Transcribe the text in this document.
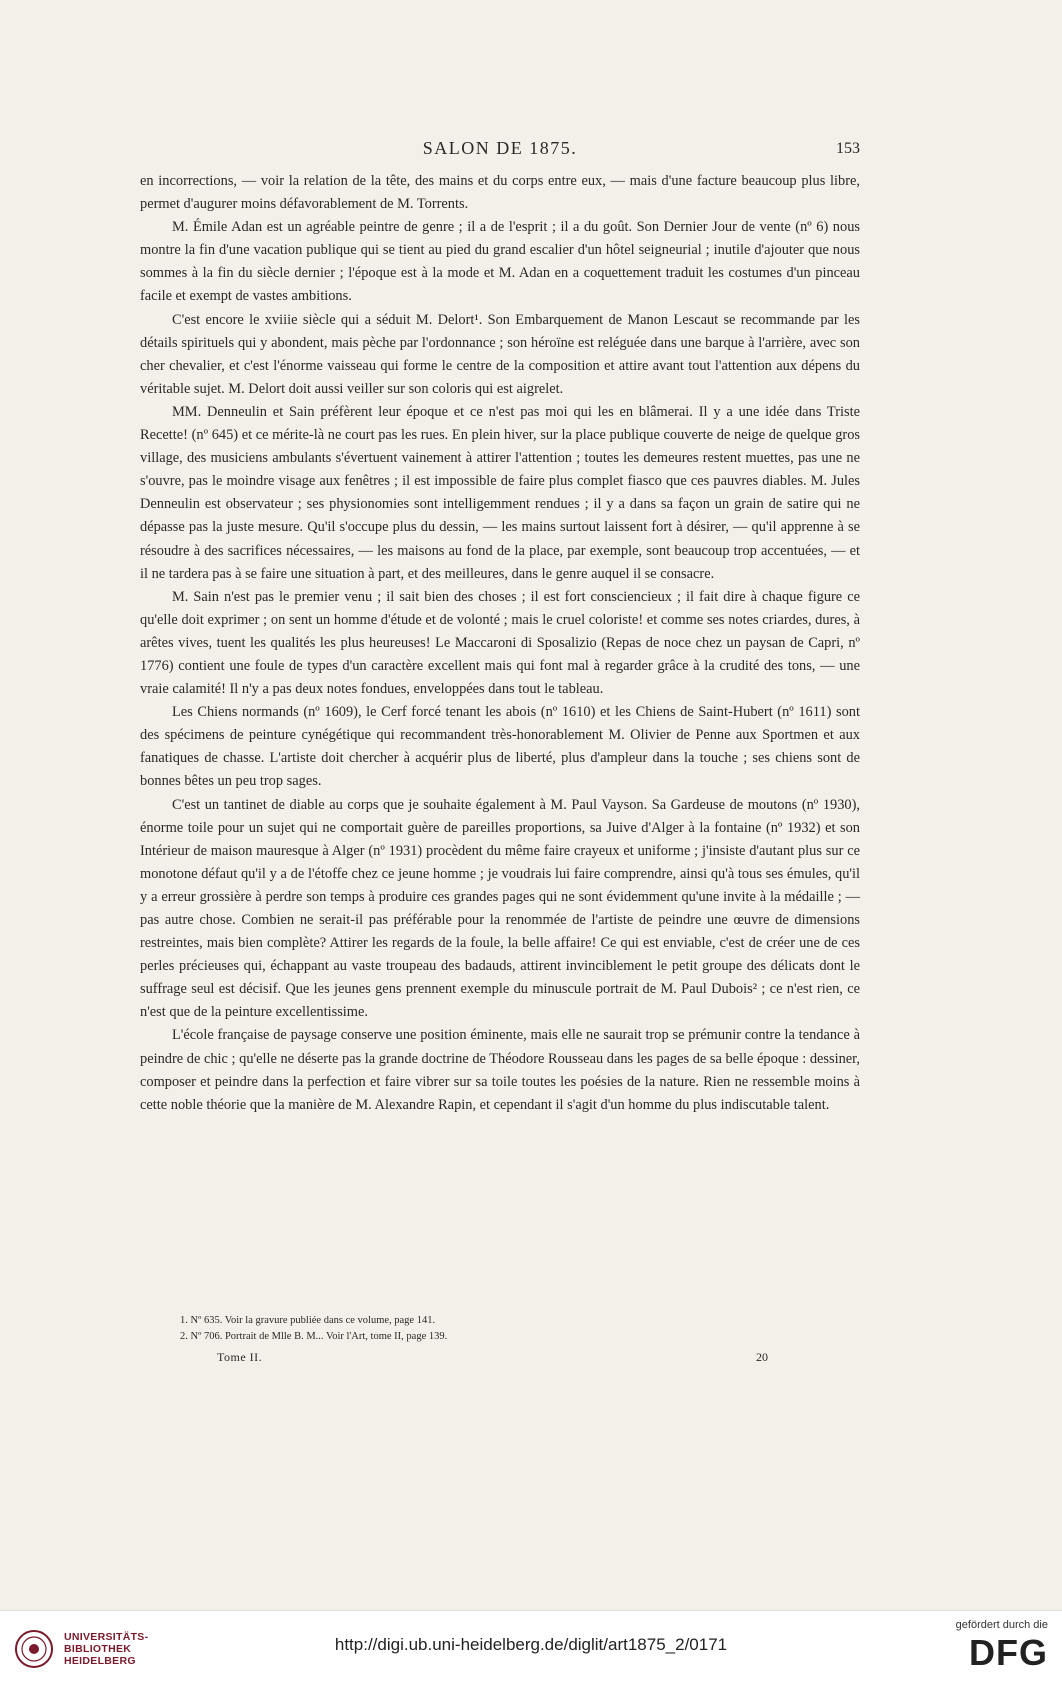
SALON DE 1875.	153

en incorrections, — voir la relation de la tête, des mains et du corps entre eux, — mais d'une facture beaucoup plus libre, permet d'augurer moins défavorablement de M. Torrents.

M. Émile Adan est un agréable peintre de genre ; il a de l'esprit ; il a du goût. Son Dernier Jour de vente (nº 6) nous montre la fin d'une vacation publique qui se tient au pied du grand escalier d'un hôtel seigneurial ; inutile d'ajouter que nous sommes à la fin du siècle dernier ; l'époque est à la mode et M. Adan en a coquettement traduit les costumes d'un pinceau facile et exempt de vastes ambitions.

C'est encore le xviiie siècle qui a séduit M. Delort¹. Son Embarquement de Manon Lescaut se recommande par les détails spirituels qui y abondent, mais pèche par l'ordonnance ; son héroïne est reléguée dans une barque à l'arrière, avec son cher chevalier, et c'est l'énorme vaisseau qui forme le centre de la composition et attire avant tout l'attention aux dépens du véritable sujet. M. Delort doit aussi veiller sur son coloris qui est aigrelet.

MM. Denneulin et Sain préfèrent leur époque et ce n'est pas moi qui les en blâmerai. Il y a une idée dans Triste Recette! (nº 645) et ce mérite-là ne court pas les rues. En plein hiver, sur la place publique couverte de neige de quelque gros village, des musiciens ambulants s'évertuent vainement à attirer l'attention ; toutes les demeures restent muettes, pas une ne s'ouvre, pas le moindre visage aux fenêtres ; il est impossible de faire plus complet fiasco que ces pauvres diables. M. Jules Denneulin est observateur ; ses physionomies sont intelligemment rendues ; il y a dans sa façon un grain de satire qui ne dépasse pas la juste mesure. Qu'il s'occupe plus du dessin, — les mains surtout laissent fort à désirer, — qu'il apprenne à se résoudre à des sacrifices nécessaires, — les maisons au fond de la place, par exemple, sont beaucoup trop accentuées, — et il ne tardera pas à se faire une situation à part, et des meilleures, dans le genre auquel il se consacre.

M. Sain n'est pas le premier venu ; il sait bien des choses ; il est fort consciencieux ; il fait dire à chaque figure ce qu'elle doit exprimer ; on sent un homme d'étude et de volonté ; mais le cruel coloriste! et comme ses notes criardes, dures, à arêtes vives, tuent les qualités les plus heureuses! Le Maccaroni di Sposalizio (Repas de noce chez un paysan de Capri, nº 1776) contient une foule de types d'un caractère excellent mais qui font mal à regarder grâce à la crudité des tons, — une vraie calamité! Il n'y a pas deux notes fondues, enveloppées dans tout le tableau.

Les Chiens normands (nº 1609), le Cerf forcé tenant les abois (nº 1610) et les Chiens de Saint-Hubert (nº 1611) sont des spécimens de peinture cynégétique qui recommandent très-honorablement M. Olivier de Penne aux Sportmen et aux fanatiques de chasse. L'artiste doit chercher à acquérir plus de liberté, plus d'ampleur dans la touche ; ses chiens sont de bonnes bêtes un peu trop sages.

C'est un tantinet de diable au corps que je souhaite également à M. Paul Vayson. Sa Gardeuse de moutons (nº 1930), énorme toile pour un sujet qui ne comportait guère de pareilles proportions, sa Juive d'Alger à la fontaine (nº 1932) et son Intérieur de maison mauresque à Alger (nº 1931) procèdent du même faire crayeux et uniforme ; j'insiste d'autant plus sur ce monotone défaut qu'il y a de l'étoffe chez ce jeune homme ; je voudrais lui faire comprendre, ainsi qu'à tous ses émules, qu'il y a erreur grossière à perdre son temps à produire ces grandes pages qui ne sont évidemment qu'une invite à la médaille ; — pas autre chose. Combien ne serait-il pas préférable pour la renommée de l'artiste de peindre une œuvre de dimensions restreintes, mais bien complète? Attirer les regards de la foule, la belle affaire! Ce qui est enviable, c'est de créer une de ces perles précieuses qui, échappant au vaste troupeau des badauds, attirent invinciblement le petit groupe des délicats dont le suffrage seul est décisif. Que les jeunes gens prennent exemple du minuscule portrait de M. Paul Dubois² ; ce n'est rien, ce n'est que de la peinture excellentissime.

L'école française de paysage conserve une position éminente, mais elle ne saurait trop se prémunir contre la tendance à peindre de chic ; qu'elle ne déserte pas la grande doctrine de Théodore Rousseau dans les pages de sa belle époque : dessiner, composer et peindre dans la perfection et faire vibrer sur sa toile toutes les poésies de la nature. Rien ne ressemble moins à cette noble théorie que la manière de M. Alexandre Rapin, et cependant il s'agit d'un homme du plus indiscutable talent.

1. Nº 635. Voir la gravure publiée dans ce volume, page 141.
2. Nº 706. Portrait de Mlle B. M... Voir l'Art, tome II, page 139.
Tome II.	20
UNIVERSITÄTS-
BIBLIOTHEK
HEIDELBERG
http://digi.ub.uni-heidelberg.de/diglit/art1875_2/0171
gefördert durch die
DFG
